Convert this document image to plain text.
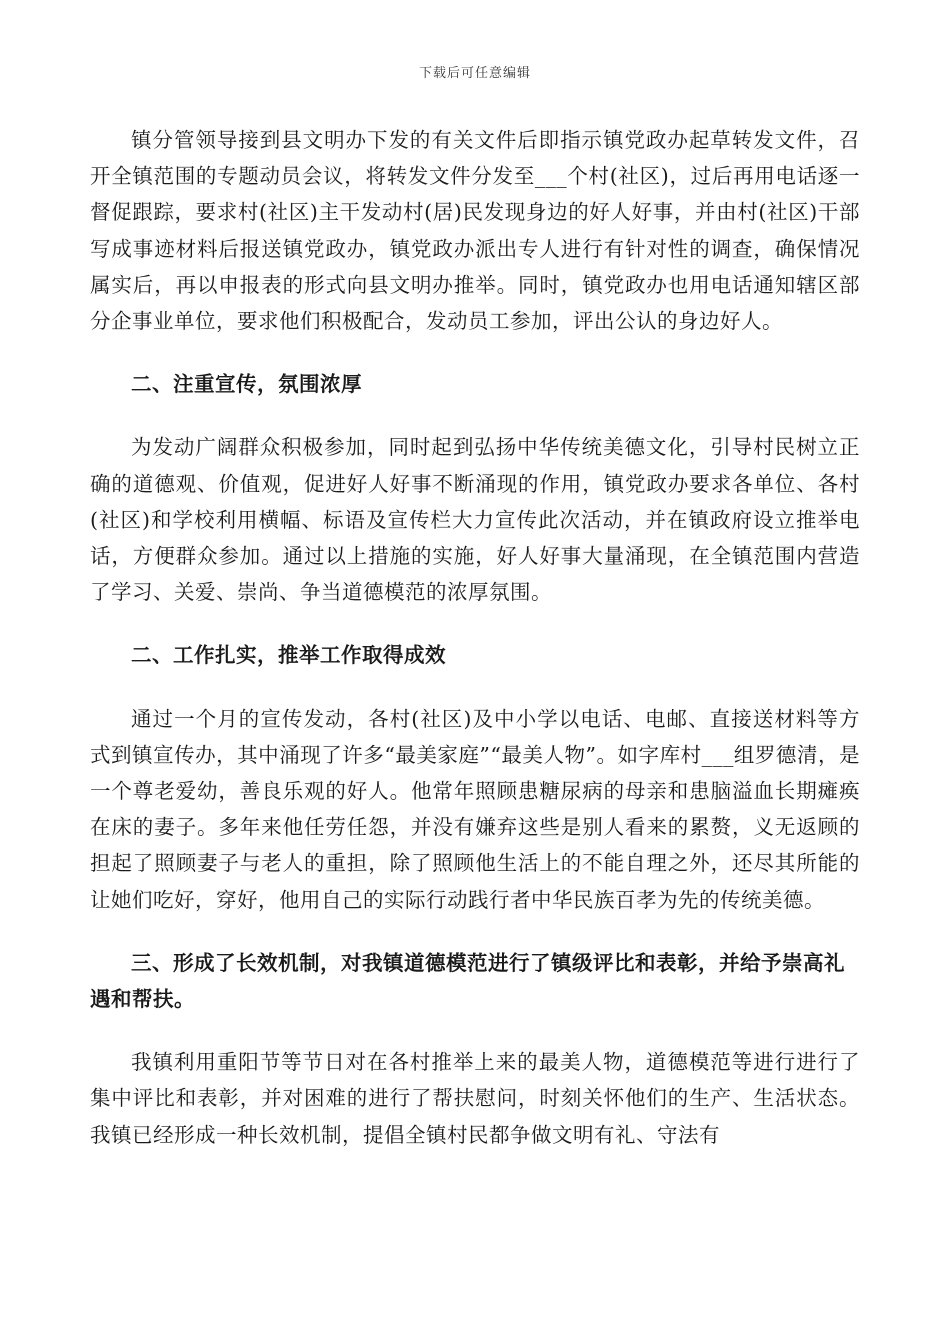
下载后可任意编辑

镇分管领导接到县文明办下发的有关文件后即指示镇党政办起草转发文件，召开全镇范围的专题动员会议，将转发文件分发至___个村(社区)，过后再用电话逐一督促跟踪，要求村(社区)主干发动村(居)民发现身边的好人好事，并由村(社区)干部写成事迹材料后报送镇党政办，镇党政办派出专人进行有针对性的调查，确保情况属实后，再以申报表的形式向县文明办推举。同时，镇党政办也用电话通知辖区部分企事业单位，要求他们积极配合，发动员工参加，评出公认的身边好人。

二、注重宣传，氛围浓厚

为发动广阔群众积极参加，同时起到弘扬中华传统美德文化，引导村民树立正确的道德观、价值观，促进好人好事不断涌现的作用，镇党政办要求各单位、各村(社区)和学校利用横幅、标语及宣传栏大力宣传此次活动，并在镇政府设立推举电话，方便群众参加。通过以上措施的实施，好人好事大量涌现，在全镇范围内营造了学习、关爱、崇尚、争当道德模范的浓厚氛围。

二、工作扎实，推举工作取得成效

通过一个月的宣传发动，各村(社区)及中小学以电话、电邮、直接送材料等方式到镇宣传办，其中涌现了许多“最美家庭”“最美人物”。如字库村___组罗德清，是一个尊老爱幼，善良乐观的好人。他常年照顾患糖尿病的母亲和患脑溢血长期瘫痪在床的妻子。多年来他任劳任怨，并没有嫌弃这些是别人看来的累赘，义无返顾的担起了照顾妻子与老人的重担，除了照顾他生活上的不能自理之外，还尽其所能的让她们吃好，穿好，他用自己的实际行动践行者中华民族百孝为先的传统美德。

三、形成了长效机制，对我镇道德模范进行了镇级评比和表彰，并给予崇高礼遇和帮扶。

我镇利用重阳节等节日对在各村推举上来的最美人物，道德模范等进行进行了集中评比和表彰，并对困难的进行了帮扶慰问，时刻关怀他们的生产、生活状态。我镇已经形成一种长效机制，提倡全镇村民都争做文明有礼、守法有
